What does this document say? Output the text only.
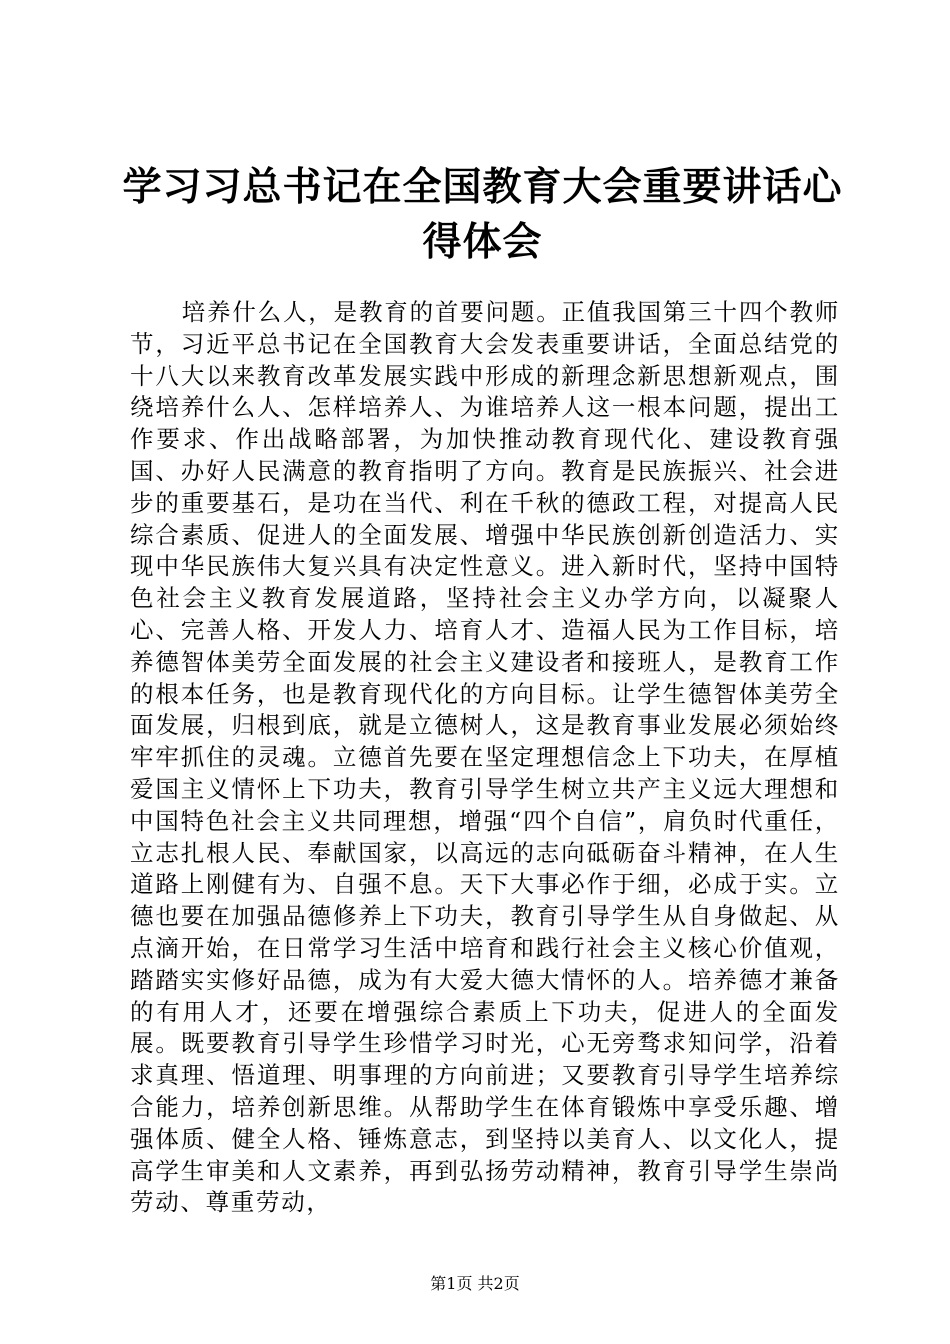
学习习总书记在全国教育大会重要讲话心得体会

培养什么人，是教育的首要问题。正值我国第三十四个教师节，习近平总书记在全国教育大会发表重要讲话，全面总结党的十八大以来教育改革发展实践中形成的新理念新思想新观点，围绕培养什么人、怎样培养人、为谁培养人这一根本问题，提出工作要求、作出战略部署，为加快推动教育现代化、建设教育强国、办好人民满意的教育指明了方向。教育是民族振兴、社会进步的重要基石，是功在当代、利在千秋的德政工程，对提高人民综合素质、促进人的全面发展、增强中华民族创新创造活力、实现中华民族伟大复兴具有决定性意义。进入新时代，坚持中国特色社会主义教育发展道路，坚持社会主义办学方向，以凝聚人心、完善人格、开发人力、培育人才、造福人民为工作目标，培养德智体美劳全面发展的社会主义建设者和接班人，是教育工作的根本任务，也是教育现代化的方向目标。让学生德智体美劳全面发展，归根到底，就是立德树人，这是教育事业发展必须始终牢牢抓住的灵魂。立德首先要在坚定理想信念上下功夫，在厚植爱国主义情怀上下功夫，教育引导学生树立共产主义远大理想和中国特色社会主义共同理想，增强“四个自信”，肩负时代重任，立志扎根人民、奉献国家，以高远的志向砥砺奋斗精神，在人生道路上刚健有为、自强不息。天下大事必作于细，必成于实。立德也要在加强品德修养上下功夫，教育引导学生从自身做起、从点滴开始，在日常学习生活中培育和践行社会主义核心价值观，踏踏实实修好品德，成为有大爱大德大情怀的人。培养德才兼备的有用人才，还要在增强综合素质上下功夫，促进人的全面发展。既要教育引导学生珍惜学习时光，心无旁骛求知问学，沿着求真理、悟道理、明事理的方向前进；又要教育引导学生培养综合能力，培养创新思维。从帮助学生在体育锻炼中享受乐趣、增强体质、健全人格、锤炼意志，到坚持以美育人、以文化人，提高学生审美和人文素养，再到弘扬劳动精神，教育引导学生崇尚劳动、尊重劳动，

第1页 共2页
